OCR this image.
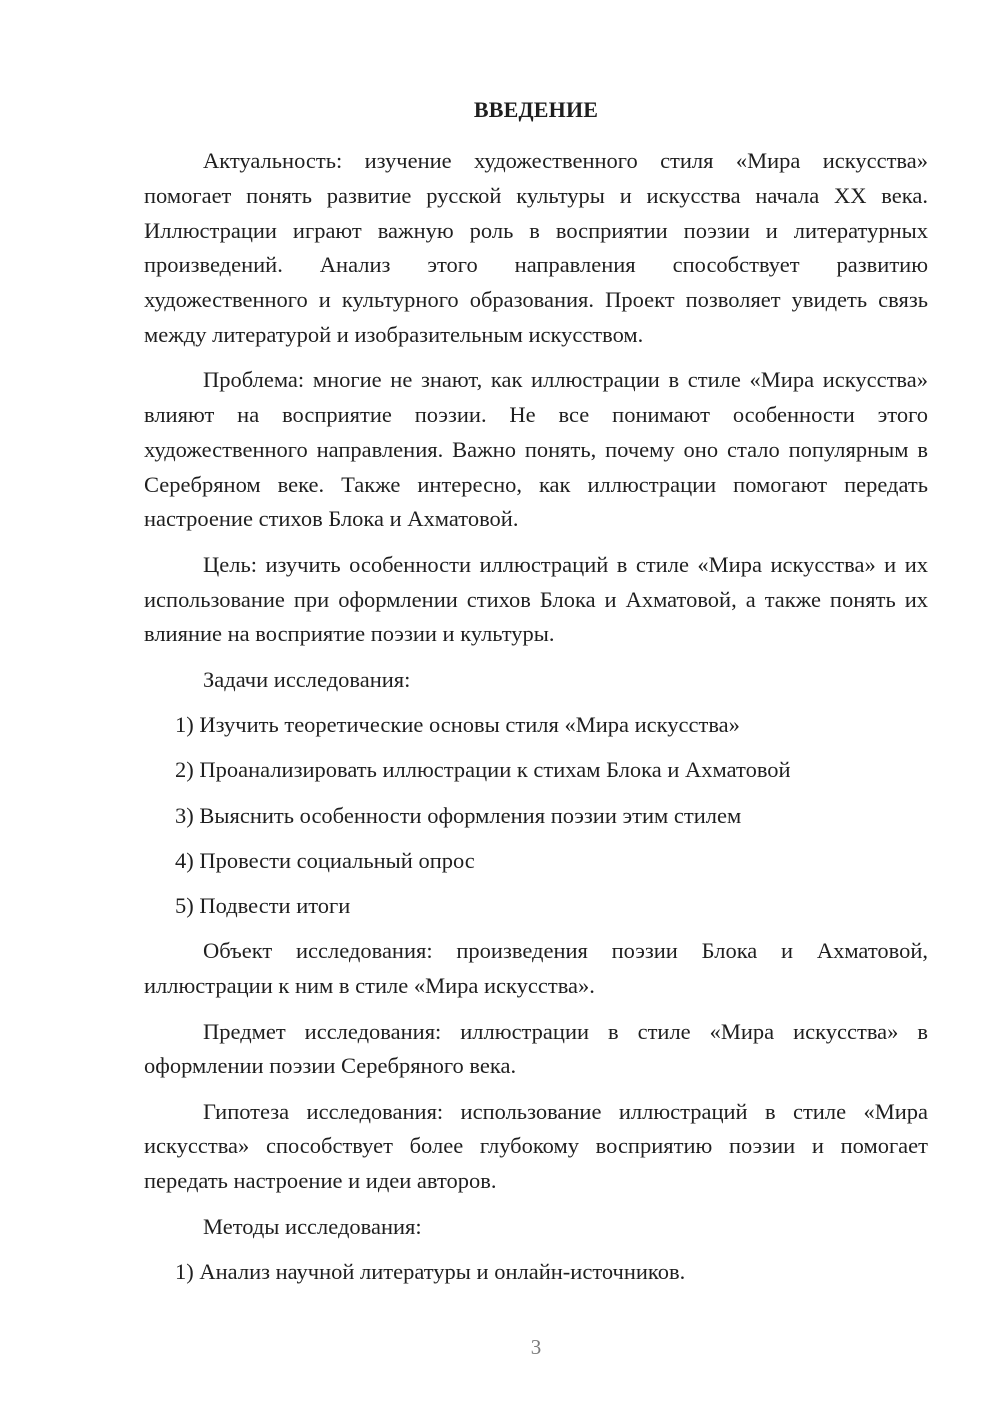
ВВЕДЕНИЕ

Актуальность: изучение художественного стиля «Мира искусства» помогает понять развитие русской культуры и искусства начала XX века. Иллюстрации играют важную роль в восприятии поэзии и литературных произведений. Анализ этого направления способствует развитию художественного и культурного образования. Проект позволяет увидеть связь между литературой и изобразительным искусством.

Проблема: многие не знают, как иллюстрации в стиле «Мира искусства» влияют на восприятие поэзии. Не все понимают особенности этого художественного направления. Важно понять, почему оно стало популярным в Серебряном веке. Также интересно, как иллюстрации помогают передать настроение стихов Блока и Ахматовой.

Цель: изучить особенности иллюстраций в стиле «Мира искусства» и их использование при оформлении стихов Блока и Ахматовой, а также понять их влияние на восприятие поэзии и культуры.

Задачи исследования:

1) Изучить теоретические основы стиля «Мира искусства»

2) Проанализировать иллюстрации к стихам Блока и Ахматовой

3) Выяснить особенности оформления поэзии этим стилем

4) Провести социальный опрос

5) Подвести итоги

Объект исследования: произведения поэзии Блока и Ахматовой, иллюстрации к ним в стиле «Мира искусства».

Предмет исследования: иллюстрации в стиле «Мира искусства» в оформлении поэзии Серебряного века.

Гипотеза исследования: использование иллюстраций в стиле «Мира искусства» способствует более глубокому восприятию поэзии и помогает передать настроение и идеи авторов.

Методы исследования:

1) Анализ научной литературы и онлайн-источников.

3
